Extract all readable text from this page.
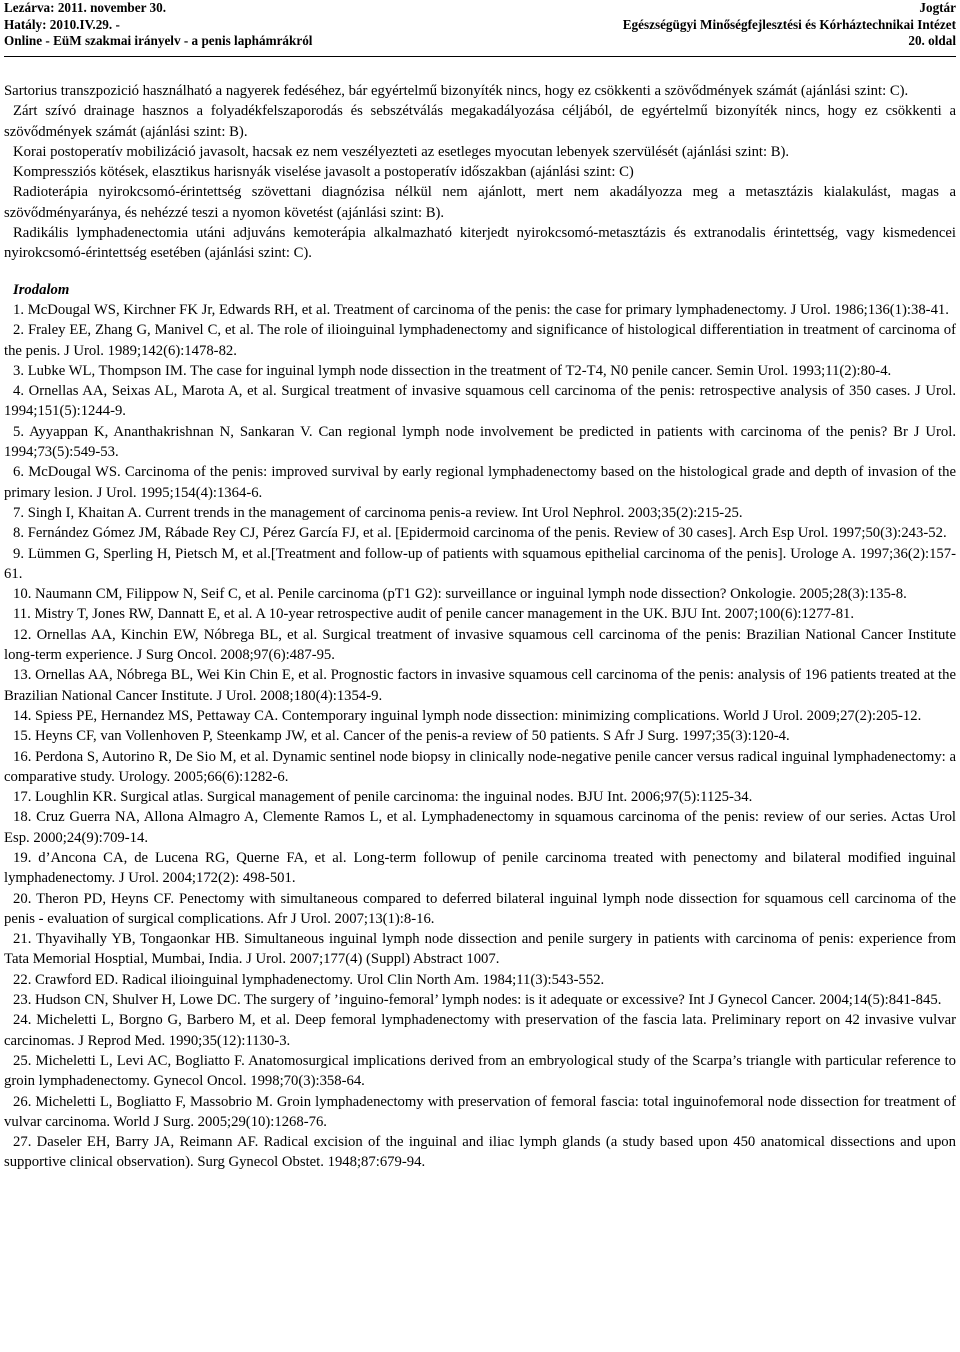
Lezárva: 2011. november 30.
Hatály: 2010.IV.29. -
Online - EüM szakmai irányelv - a penis laphámrákról
Jogtár
Egészségügyi Minőségfejlesztési és Kórháztechnikai Intézet
20. oldal

Sartorius transzpozició használható a nagyerek fedéséhez, bár egyértelmű bizonyíték nincs, hogy ez csökkenti a szövődmények számát (ajánlási szint: C).

Zárt szívó drainage hasznos a folyadékfelszaporodás és sebszétválás megakadályozása céljából, de egyértelmű bizonyíték nincs, hogy ez csökkenti a szövődmények számát (ajánlási szint: B).

Korai postoperatív mobilizáció javasolt, hacsak ez nem veszélyezteti az esetleges myocutan lebenyek szervülését (ajánlási szint: B).

Kompressziós kötések, elasztikus harisnyák viselése javasolt a postoperatív időszakban (ajánlási szint: C)

Radioterápia nyirokcsomó-érintettség szövettani diagnózisa nélkül nem ajánlott, mert nem akadályozza meg a metasztázis kialakulást, magas a szövődményaránya, és nehézzé teszi a nyomon követést (ajánlási szint: B).

Radikális lymphadenectomia utáni adjuváns kemoterápia alkalmazható kiterjedt nyirokcsomó-metasztázis és extranodalis érintettség, vagy kismedencei nyirokcsomó-érintettség esetében (ajánlási szint: C).

Irodalom

1. McDougal WS, Kirchner FK Jr, Edwards RH, et al. Treatment of carcinoma of the penis: the case for primary lymphadenectomy. J Urol. 1986;136(1):38-41.
2. Fraley EE, Zhang G, Manivel C, et al. The role of ilioinguinal lymphadenectomy and significance of histological differentiation in treatment of carcinoma of the penis. J Urol. 1989;142(6):1478-82.
3. Lubke WL, Thompson IM. The case for inguinal lymph node dissection in the treatment of T2-T4, N0 penile cancer. Semin Urol. 1993;11(2):80-4.
4. Ornellas AA, Seixas AL, Marota A, et al. Surgical treatment of invasive squamous cell carcinoma of the penis: retrospective analysis of 350 cases. J Urol. 1994;151(5):1244-9.
5. Ayyappan K, Ananthakrishnan N, Sankaran V. Can regional lymph node involvement be predicted in patients with carcinoma of the penis? Br J Urol. 1994;73(5):549-53.
6. McDougal WS. Carcinoma of the penis: improved survival by early regional lymphadenectomy based on the histological grade and depth of invasion of the primary lesion. J Urol. 1995;154(4):1364-6.
7. Singh I, Khaitan A. Current trends in the management of carcinoma penis-a review. Int Urol Nephrol. 2003;35(2):215-25.
8. Fernández Gómez JM, Rábade Rey CJ, Pérez García FJ, et al. [Epidermoid carcinoma of the penis. Review of 30 cases]. Arch Esp Urol. 1997;50(3):243-52.
9. Lümmen G, Sperling H, Pietsch M, et al.[Treatment and follow-up of patients with squamous epithelial carcinoma of the penis]. Urologe A. 1997;36(2):157-61.
10. Naumann CM, Filippow N, Seif C, et al. Penile carcinoma (pT1 G2): surveillance or inguinal lymph node dissection? Onkologie. 2005;28(3):135-8.
11. Mistry T, Jones RW, Dannatt E, et al. A 10-year retrospective audit of penile cancer management in the UK. BJU Int. 2007;100(6):1277-81.
12. Ornellas AA, Kinchin EW, Nóbrega BL, et al. Surgical treatment of invasive squamous cell carcinoma of the penis: Brazilian National Cancer Institute long-term experience. J Surg Oncol. 2008;97(6):487-95.
13. Ornellas AA, Nóbrega BL, Wei Kin Chin E, et al. Prognostic factors in invasive squamous cell carcinoma of the penis: analysis of 196 patients treated at the Brazilian National Cancer Institute. J Urol. 2008;180(4):1354-9.
14. Spiess PE, Hernandez MS, Pettaway CA. Contemporary inguinal lymph node dissection: minimizing complications. World J Urol. 2009;27(2):205-12.
15. Heyns CF, van Vollenhoven P, Steenkamp JW, et al. Cancer of the penis-a review of 50 patients. S Afr J Surg. 1997;35(3):120-4.
16. Perdona S, Autorino R, De Sio M, et al. Dynamic sentinel node biopsy in clinically node-negative penile cancer versus radical inguinal lymphadenectomy: a comparative study. Urology. 2005;66(6):1282-6.
17. Loughlin KR. Surgical atlas. Surgical management of penile carcinoma: the inguinal nodes. BJU Int. 2006;97(5):1125-34.
18. Cruz Guerra NA, Allona Almagro A, Clemente Ramos L, et al. Lymphadenectomy in squamous carcinoma of the penis: review of our series. Actas Urol Esp. 2000;24(9):709-14.
19. d’Ancona CA, de Lucena RG, Querne FA, et al. Long-term followup of penile carcinoma treated with penectomy and bilateral modified inguinal lymphadenectomy. J Urol. 2004;172(2): 498-501.
20. Theron PD, Heyns CF. Penectomy with simultaneous compared to deferred bilateral inguinal lymph node dissection for squamous cell carcinoma of the penis - evaluation of surgical complications. Afr J Urol. 2007;13(1):8-16.
21. Thyavihally YB, Tongaonkar HB. Simultaneous inguinal lymph node dissection and penile surgery in patients with carcinoma of penis: experience from Tata Memorial Hosptial, Mumbai, India. J Urol. 2007;177(4) (Suppl) Abstract 1007.
22. Crawford ED. Radical ilioinguinal lymphadenectomy. Urol Clin North Am. 1984;11(3):543-552.
23. Hudson CN, Shulver H, Lowe DC. The surgery of ’inguino-femoral’ lymph nodes: is it adequate or excessive? Int J Gynecol Cancer. 2004;14(5):841-845.
24. Micheletti L, Borgno G, Barbero M, et al. Deep femoral lymphadenectomy with preservation of the fascia lata. Preliminary report on 42 invasive vulvar carcinomas. J Reprod Med. 1990;35(12):1130-3.
25. Micheletti L, Levi AC, Bogliatto F. Anatomosurgical implications derived from an embryological study of the Scarpa’s triangle with particular reference to groin lymphadenectomy. Gynecol Oncol. 1998;70(3):358-64.
26. Micheletti L, Bogliatto F, Massobrio M. Groin lymphadenectomy with preservation of femoral fascia: total inguinofemoral node dissection for treatment of vulvar carcinoma. World J Surg. 2005;29(10):1268-76.
27. Daseler EH, Barry JA, Reimann AF. Radical excision of the inguinal and iliac lymph glands (a study based upon 450 anatomical dissections and upon supportive clinical observation). Surg Gynecol Obstet. 1948;87:679-94.
